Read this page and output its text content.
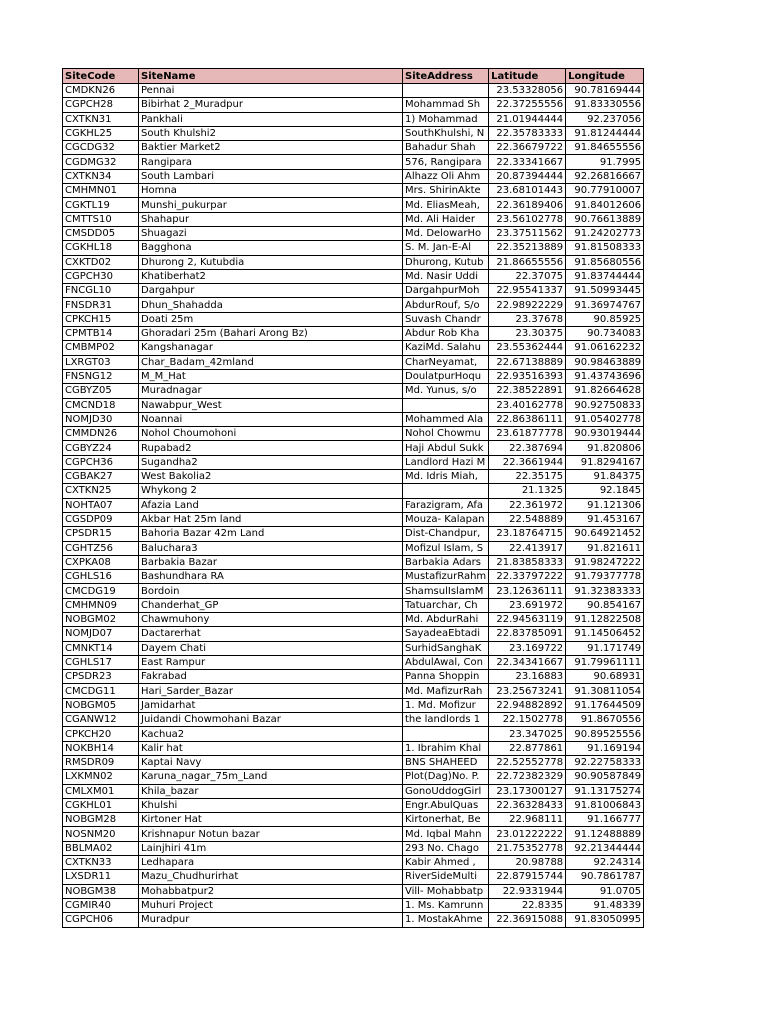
SiteCode	SiteName	SiteAddress	Latitude	Longitude
CMDKN26	Pennai		23.53328056	90.78169444
CGPCH28	Bibirhat 2_Muradpur	Mohammad Sh	22.37255556	91.83330556
CXTKN31	Pankhali	1) Mohammad	21.01944444	92.237056
CGKHL25	South Khulshi2	SouthKhulshi, N	22.35783333	91.81244444
CGCDG32	Baktier Market2	Bahadur Shah	22.36679722	91.84655556
CGDMG32	Rangipara	576, Rangipara	22.33341667	91.7995
CXTKN34	South Lambari	Alhazz Oli Ahm	20.87394444	92.26816667
CMHMN01	Homna	Mrs. ShirinAkte	23.68101443	90.77910007
CGKTL19	Munshi_pukurpar	Md. EliasMeah,	22.36189406	91.84012606
CMTTS10	Shahapur	Md. Ali Haider	23.56102778	90.76613889
CMSDD05	Shuagazi	Md. DelowarHo	23.37511562	91.24202773
CGKHL18	Bagghona	S. M. Jan-E-Al	22.35213889	91.81508333
CXKTD02	Dhurong 2, Kutubdia	Dhurong, Kutub	21.86655556	91.85680556
CGPCH30	Khatiberhat2	Md. Nasir Uddi	22.37075	91.83744444
FNCGL10	Dargahpur	DargahpurMoh	22.95541337	91.50993445
FNSDR31	Dhun_Shahadda	AbdurRouf, S/o	22.98922229	91.36974767
CPKCH15	Doati 25m	Suvash Chandr	23.37678	90.85925
CPMTB14	Ghoradari 25m (Bahari Arong Bz)	Abdur Rob Kha	23.30375	90.734083
CMBMP02	Kangshanagar	KaziMd. Salahu	23.55362444	91.06162232
LXRGT03	Char_Badam_42mland	CharNeyamat,	22.67138889	90.98463889
FNSNG12	M_M_Hat	DoulatpurHoqu	22.93516393	91.43743696
CGBYZ05	Muradnagar	Md. Yunus, s/o	22.38522891	91.82664628
CMCND18	Nawabpur_West		23.40162778	90.92750833
NOMJD30	Noannai	Mohammed Ala	22.86386111	91.05402778
CMMDN26	Nohol Choumohoni	Nohol Chowmu	23.61877778	90.93019444
CGBYZ24	Rupabad2	Haji Abdul Sukk	22.387694	91.820806
CGPCH36	Sugandha2	Landlord Hazi M	22.3661944	91.8294167
CGBAK27	West Bakolia2	Md. Idris Miah,	22.35175	91.84375
CXTKN25	Whykong 2		21.1325	92.1845
NOHTA07	Afazia Land	Farazigram, Afa	22.361972	91.121306
CGSDP09	Akbar Hat 25m land	Mouza- Kalapan	22.548889	91.453167
CPSDR15	Bahoria Bazar 42m Land	Dist-Chandpur,	23.18764715	90.64921452
CGHTZ56	Baluchara3	Mofizul Islam, S	22.413917	91.821611
CXPKA08	Barbakia Bazar	Barbakia Adars	21.83858333	91.98247222
CGHLS16	Bashundhara RA	MustafizurRahm	22.33797222	91.79377778
CMCDG19	Bordoin	ShamsulIslamM	23.12636111	91.32383333
CMHMN09	Chanderhat_GP	Tatuarchar, Ch	23.691972	90.854167
NOBGM02	Chawmuhony	Md. AbdurRahi	22.94563119	91.12822508
NOMJD07	Dactarerhat	SayadeaEbtadi	22.83785091	91.14506452
CMNKT14	Dayem Chati	SurhidSanghaK	23.169722	91.171749
CGHLS17	East Rampur	AbdulAwal, Con	22.34341667	91.79961111
CPSDR23	Fakrabad	Panna Shoppin	23.16883	90.68931
CMCDG11	Hari_Sarder_Bazar	Md. MafizurRah	23.25673241	91.30811054
NOBGM05	Jamidarhat	1. Md. Mofizur	22.94882892	91.17644509
CGANW12	Juidandi Chowmohani Bazar	the landlords 1	22.1502778	91.8670556
CPKCH20	Kachua2		23.347025	90.89525556
NOKBH14	Kalir hat	1. Ibrahim Khal	22.877861	91.169194
RMSDR09	Kaptai Navy	BNS SHAHEED	22.52552778	92.22758333
LXKMN02	Karuna_nagar_75m_Land	Plot(Dag)No. P.	22.72382329	90.90587849
CMLXM01	Khila_bazar	GonoUddogGirl	23.17300127	91.13175274
CGKHL01	Khulshi	Engr.AbulQuas	22.36328433	91.81006843
NOBGM28	Kirtoner Hat	Kirtonerhat, Be	22.968111	91.166777
NOSNM20	Krishnapur Notun bazar	Md. Iqbal Mahn	23.01222222	91.12488889
BBLMA02	Lainjhiri 41m	293 No. Chago	21.75352778	92.21344444
CXTKN33	Ledhapara	Kabir Ahmed ,	20.98788	92.24314
LXSDR11	Mazu_Chudhurirhat	RiverSideMulti	22.87915744	90.7861787
NOBGM38	Mohabbatpur2	Vill- Mohabbatp	22.9331944	91.0705
CGMIR40	Muhuri Project	1. Ms. Kamrunn	22.8335	91.48339
CGPCH06	Muradpur	1. MostakAhme	22.36915088	91.83050995
